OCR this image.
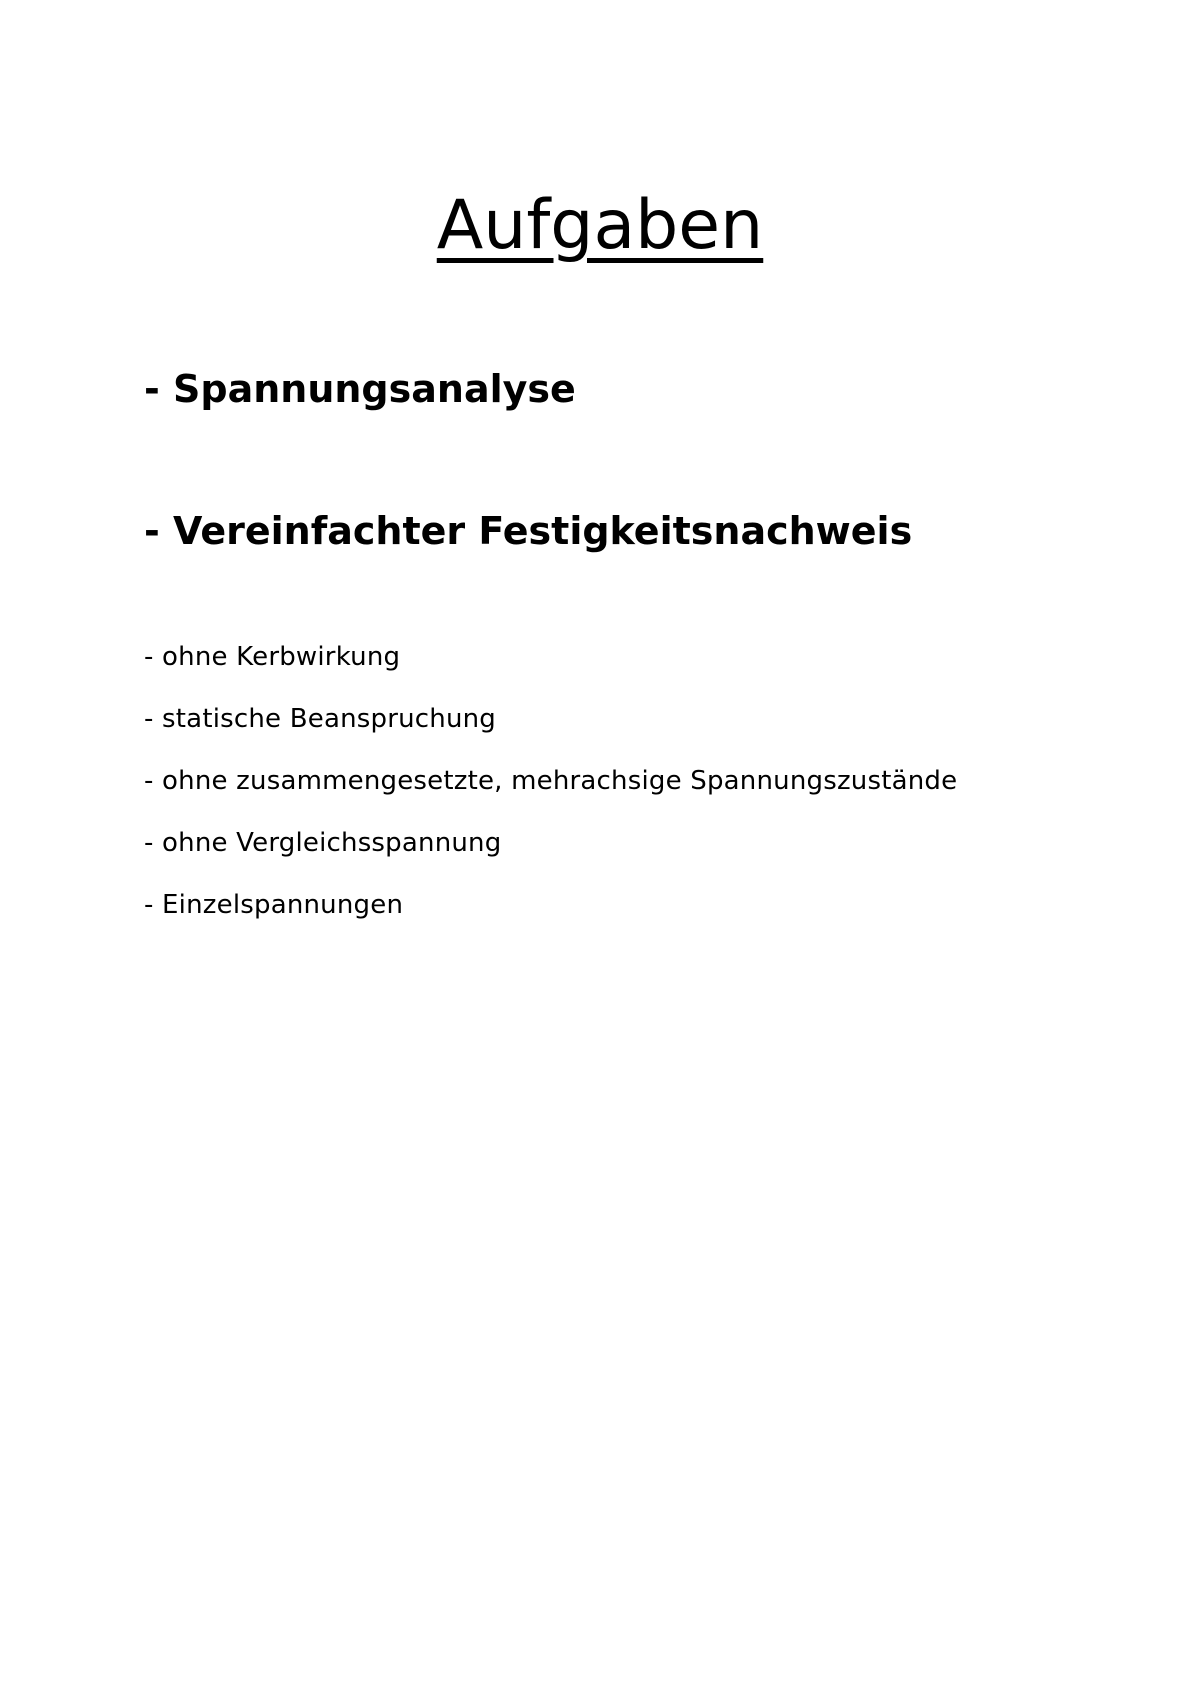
Aufgaben

- Spannungsanalyse

- Vereinfachter Festigkeitsnachweis

- ohne Kerbwirkung
- statische Beanspruchung
- ohne zusammengesetzte, mehrachsige Spannungszustände
- ohne Vergleichsspannung
- Einzelspannungen
